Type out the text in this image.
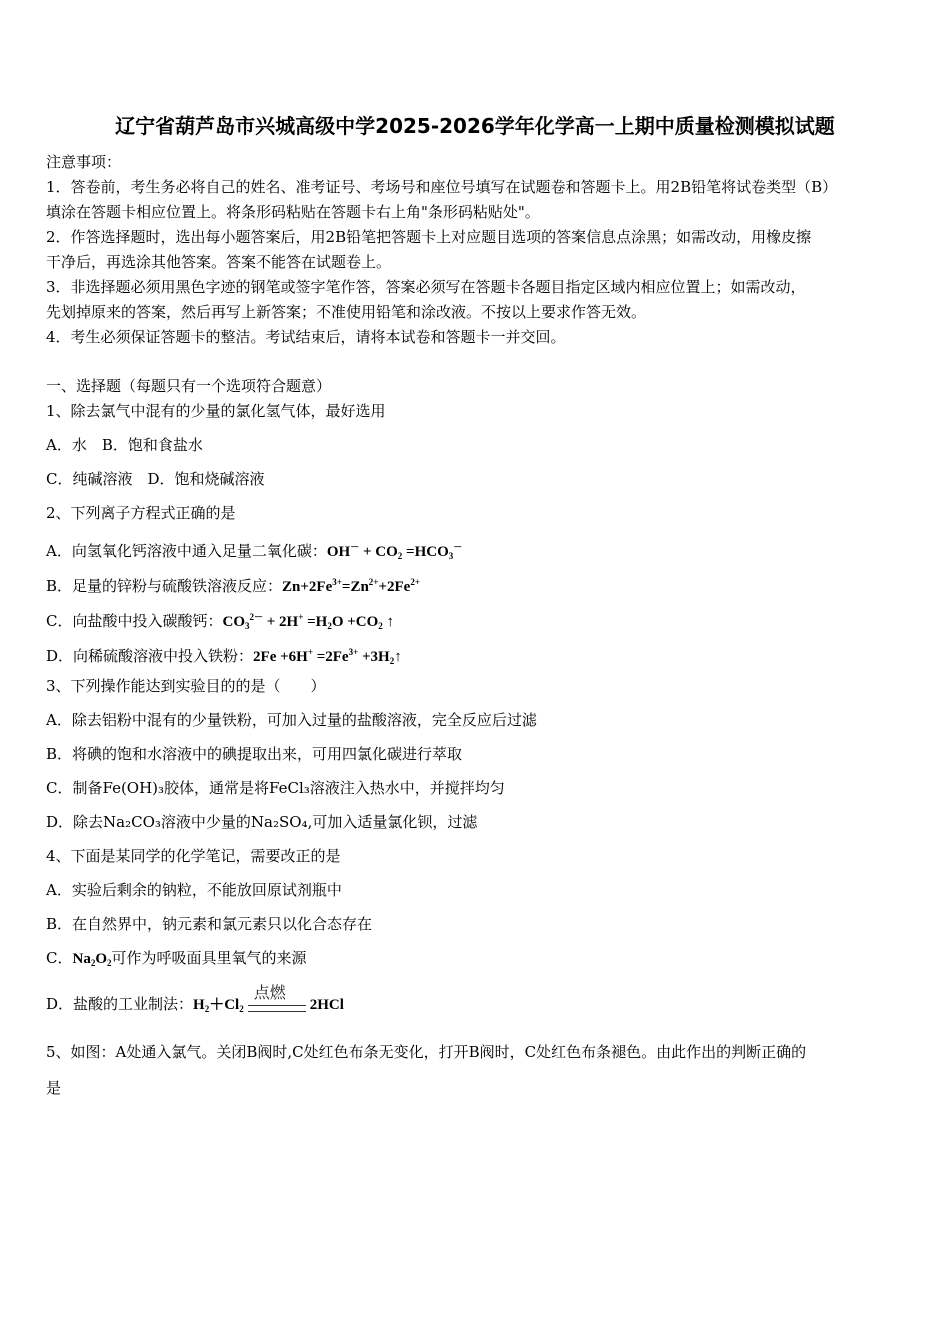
辽宁省葫芦岛市兴城高级中学2025-2026学年化学高一上期中质量检测模拟试题
注意事项：
1．答卷前，考生务必将自己的姓名、准考证号、考场号和座位号填写在试题卷和答题卡上。用2B铅笔将试卷类型（B）
填涂在答题卡相应位置上。将条形码粘贴在答题卡右上角"条形码粘贴处"。
2．作答选择题时，选出每小题答案后，用2B铅笔把答题卡上对应题目选项的答案信息点涂黑；如需改动，用橡皮擦
干净后，再选涂其他答案。答案不能答在试题卷上。
3．非选择题必须用黑色字迹的钢笔或签字笔作答，答案必须写在答题卡各题目指定区域内相应位置上；如需改动，
先划掉原来的答案，然后再写上新答案；不准使用铅笔和涂改液。不按以上要求作答无效。
4．考生必须保证答题卡的整洁。考试结束后，请将本试卷和答题卡一并交回。
一、选择题（每题只有一个选项符合题意）
1、除去氯气中混有的少量的氯化氢气体，最好选用
A．水　B．饱和食盐水
C．纯碱溶液　D．饱和烧碱溶液
2、下列离子方程式正确的是
A．向氢氧化钙溶液中通入足量二氧化碳：$OH^- + CO_2 =HCO_3^-$
B．足量的锌粉与硫酸铁溶液反应：$Zn+2Fe^{3+}=Zn^{2+}+2Fe^{2+}$
C．向盐酸中投入碳酸钙：$CO_3^{2-} + 2H^+ =H_2O +CO_2$ ↑
D．向稀硫酸溶液中投入铁粉：$2Fe +6H^+ =2Fe^{3+}$ $+3H_2↑$
3、下列操作能达到实验目的的是（　　）
A．除去铝粉中混有的少量铁粉，可加入过量的盐酸溶液，完全反应后过滤
B．将碘的饱和水溶液中的碘提取出来，可用四氯化碳进行萃取
C．制备Fe(OH)₃胶体，通常是将FeCl₃溶液注入热水中，并搅拌均匀
D．除去Na₂CO₃溶液中少量的Na₂SO₄,可加入适量氯化钡，过滤
4、下面是某同学的化学笔记，需要改正的是
A．实验后剩余的钠粒，不能放回原试剂瓶中
B．在自然界中，钠元素和氯元素只以化合态存在
C．$Na_2O_2$可作为呼吸面具里氧气的来源
D．盐酸的工业制法：$H_2+Cl_2$
点燃
2HCl
5、如图：A处通入氯气。关闭B阀时,C处红色布条无变化，打开B阀时，C处红色布条褪色。由此作出的判断正确的
是
